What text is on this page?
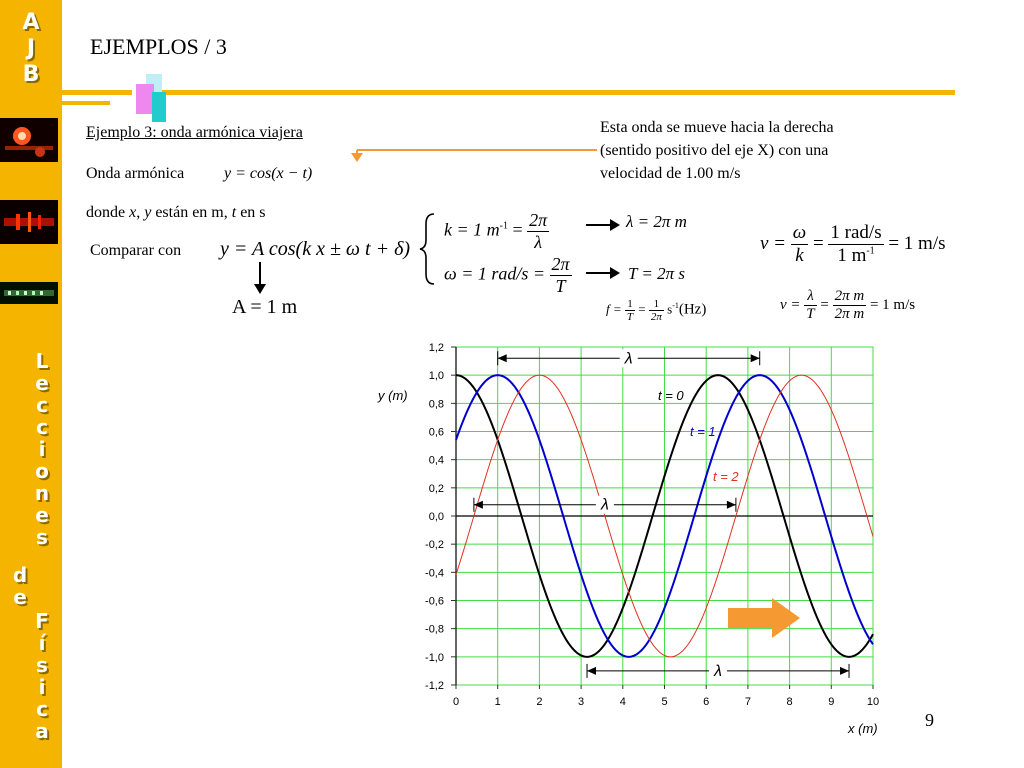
A
J
B
L
e
c
c
i
o
n
e
s
d
e
F
í
s
i
c
a
EJEMPLOS / 3
Ejemplo 3: onda armónica viajera
Onda armónica y = cos(x − t)
donde x, y están en m, t en s
Comparar con y = A cos(k x ± ω t + δ)
A = 1 m
k = 1 $m^{-1} = \frac{2\pi}{\lambda}$	λ = 2π m
ω = 1 $rad/s = \frac{2\pi}{T}$	T = 2π s
$f = \frac{1}{T} = \frac{1}{2\pi} s^{-1}(Hz)$
Esta onda se mueve hacia la derecha
(sentido positivo del eje X) con una
velocidad de 1.00 m/s
$v = \frac{\omega}{k} = \frac{\text{1 rad/s}}{1 m^{-1}} = 1$ m/s
$v = \frac{\lambda}{T} = \frac{\text{2π m}}{\text{2π m}} = 1$ m/s
λ
λ
λ
0	1	2	3	4	5	6	7	8	9	10
1,2
1,0
0,8
0,6
0,4
0,2
0,0
-0,2
-0,4
-0,6
-0,8
-1,0
-1,2
y (m)
x (m)
t = 0
t = 1
t = 2
9
